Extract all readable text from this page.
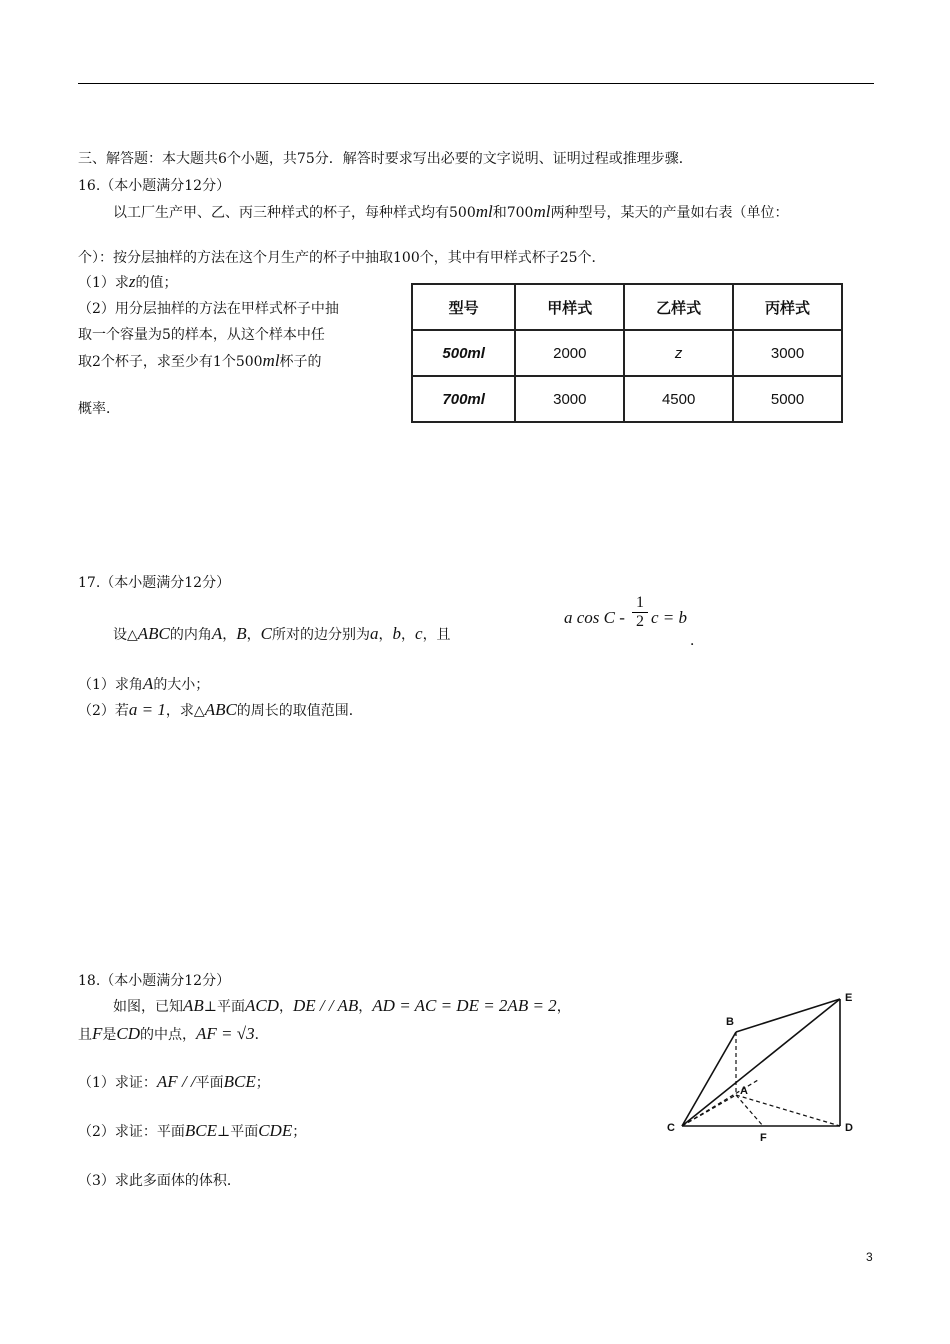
三、解答题：本大题共6个小题，共75分．解答时要求写出必要的文字说明、证明过程或推理步骤．
16.（本小题满分12分）
以工厂生产甲、乙、丙三种样式的杯子，每种样式均有500ml和700ml两种型号，某天的产量如右表（单位：
个）：按分层抽样的方法在这个月生产的杯子中抽取100个，其中有甲样式杯子25个．
（1）求z的值；
（2）用分层抽样的方法在甲样式杯子中抽
取一个容量为5的样本，从这个样本中任
取2个杯子，求至少有1个500ml杯子的
概率．
型号	甲样式	乙样式	丙样式
500ml	2000	z	3000
700ml	3000	4500	5000
17.（本小题满分12分）
设△ABC的内角A，B，C所对的边分别为a，b，c，且
a cos C - $\frac{1}{2}$ c = b
．
（1）求角A的大小；
（2）若a = 1，求△ABC的周长的取值范围．
18.（本小题满分12分）
如图，已知AB⊥平面ACD，DE / / AB，AD = AC = DE = 2AB = 2，
且F是CD的中点，AF = √3．
（1）求证：AF / /平面BCE；
（2）求证：平面BCE⊥平面CDE；
（3）求此多面体的体积．
B
E
A
C
F
D
3
